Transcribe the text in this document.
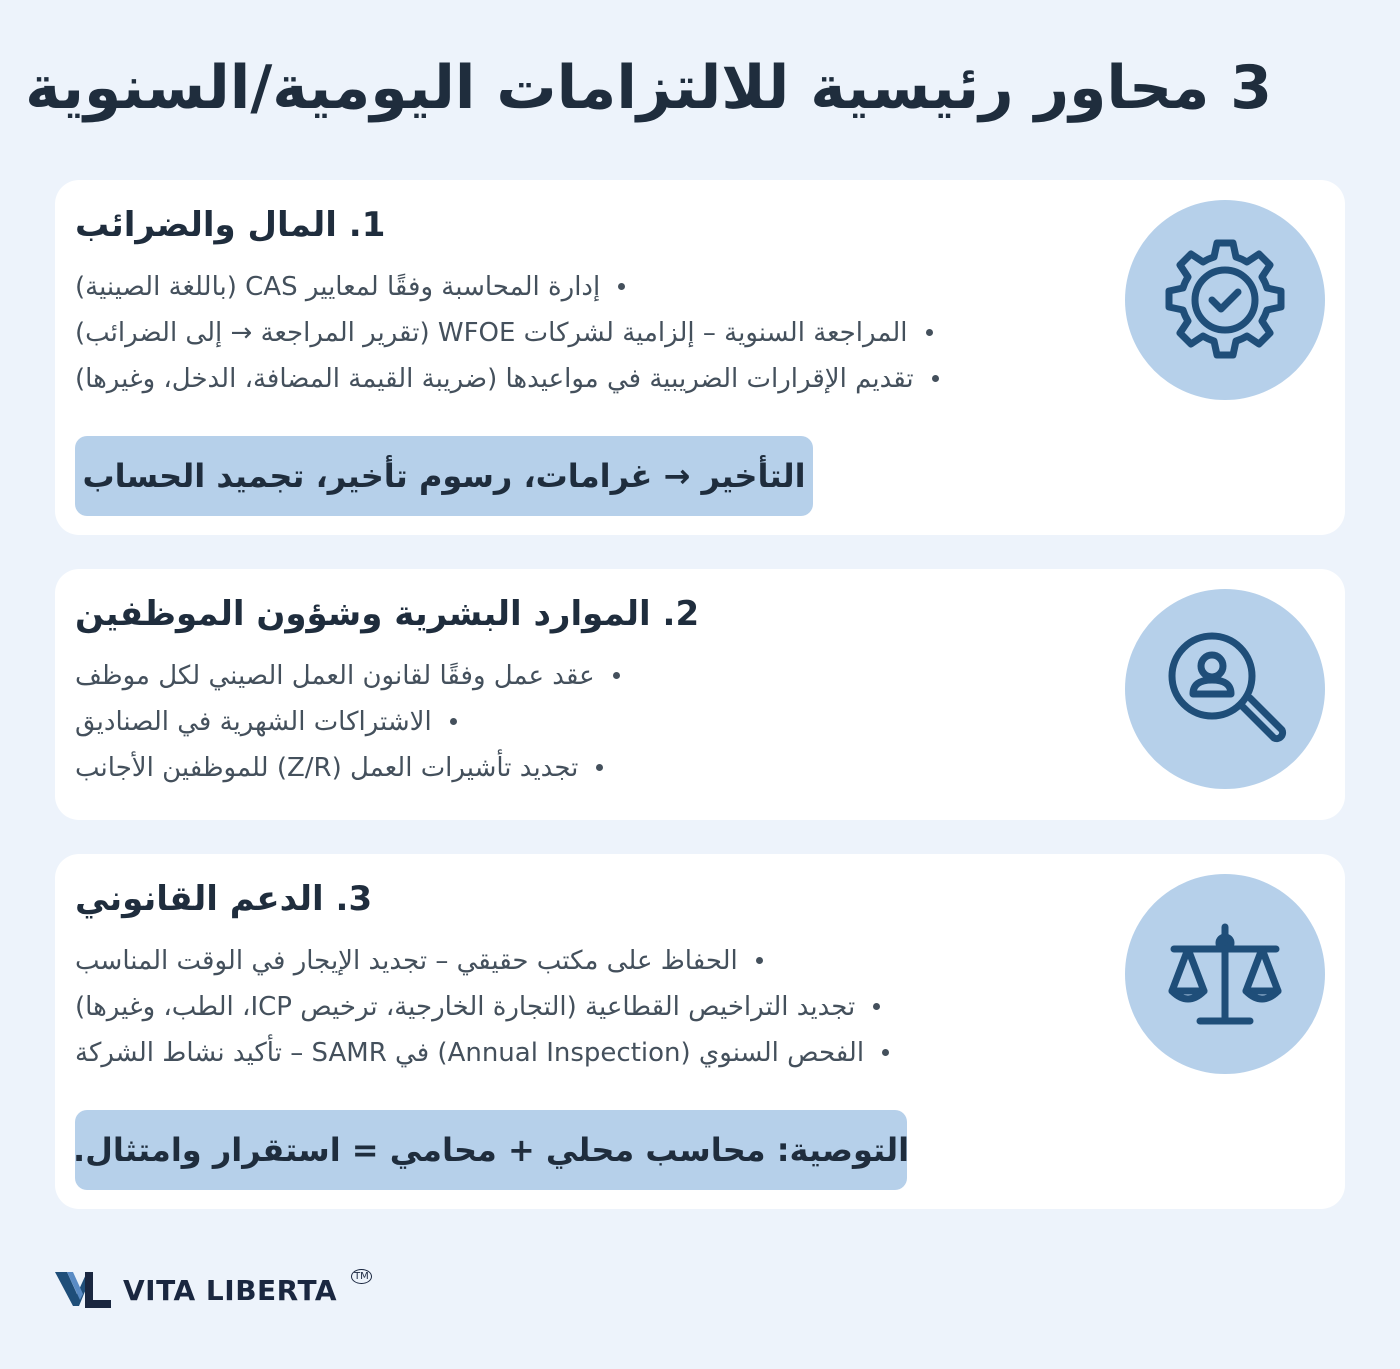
3 محاور رئيسية للالتزامات اليومية/السنوية
1. المال والضرائب
إدارة المحاسبة وفقًا لمعايير CAS (باللغة الصينية)
المراجعة السنوية – إلزامية لشركات WFOE (تقرير المراجعة → إلى الضرائب)
تقديم الإقرارات الضريبية في مواعيدها (ضريبة القيمة المضافة، الدخل، وغيرها)
التأخير → غرامات، رسوم تأخير، تجميد الحساب
2. الموارد البشرية وشؤون الموظفين
عقد عمل وفقًا لقانون العمل الصيني لكل موظف
الاشتراكات الشهرية في الصناديق
تجديد تأشيرات العمل (Z/R) للموظفين الأجانب
3. الدعم القانوني
الحفاظ على مكتب حقيقي – تجديد الإيجار في الوقت المناسب
تجديد التراخيص القطاعية (التجارة الخارجية، ترخيص ICP، الطب، وغيرها)
الفحص السنوي (Annual Inspection) في SAMR – تأكيد نشاط الشركة
التوصية: محاسب محلي + محامي = استقرار وامتثال.
VITA LIBERTA	TM
